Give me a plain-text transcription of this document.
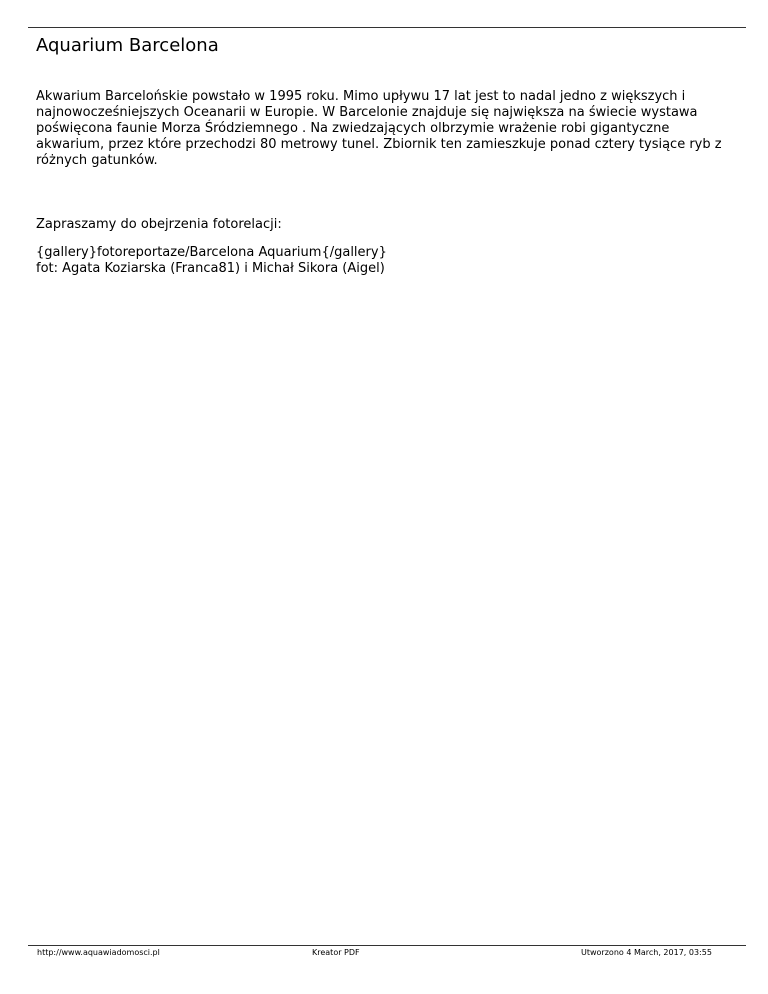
Aquarium Barcelona
Akwarium Barcelońskie powstało w 1995 roku. Mimo upływu 17 lat jest to nadal jedno z większych i
najnowocześniejszych Oceanarii w Europie. W Barcelonie znajduje się największa na świecie wystawa
poświęcona faunie Morza Śródziemnego . Na zwiedzających olbrzymie wrażenie robi gigantyczne
akwarium, przez które przechodzi 80 metrowy tunel. Zbiornik ten zamieszkuje ponad cztery tysiące ryb z
różnych gatunków.

Zapraszamy do obejrzenia fotorelacji:

{gallery}fotoreportaze/Barcelona Aquarium{/gallery}
fot: Agata Koziarska (Franca81) i Michał Sikora (Aigel)
http://www.aquawiadomosci.pl	Kreator PDF	Utworzono 4 March, 2017, 03:55
